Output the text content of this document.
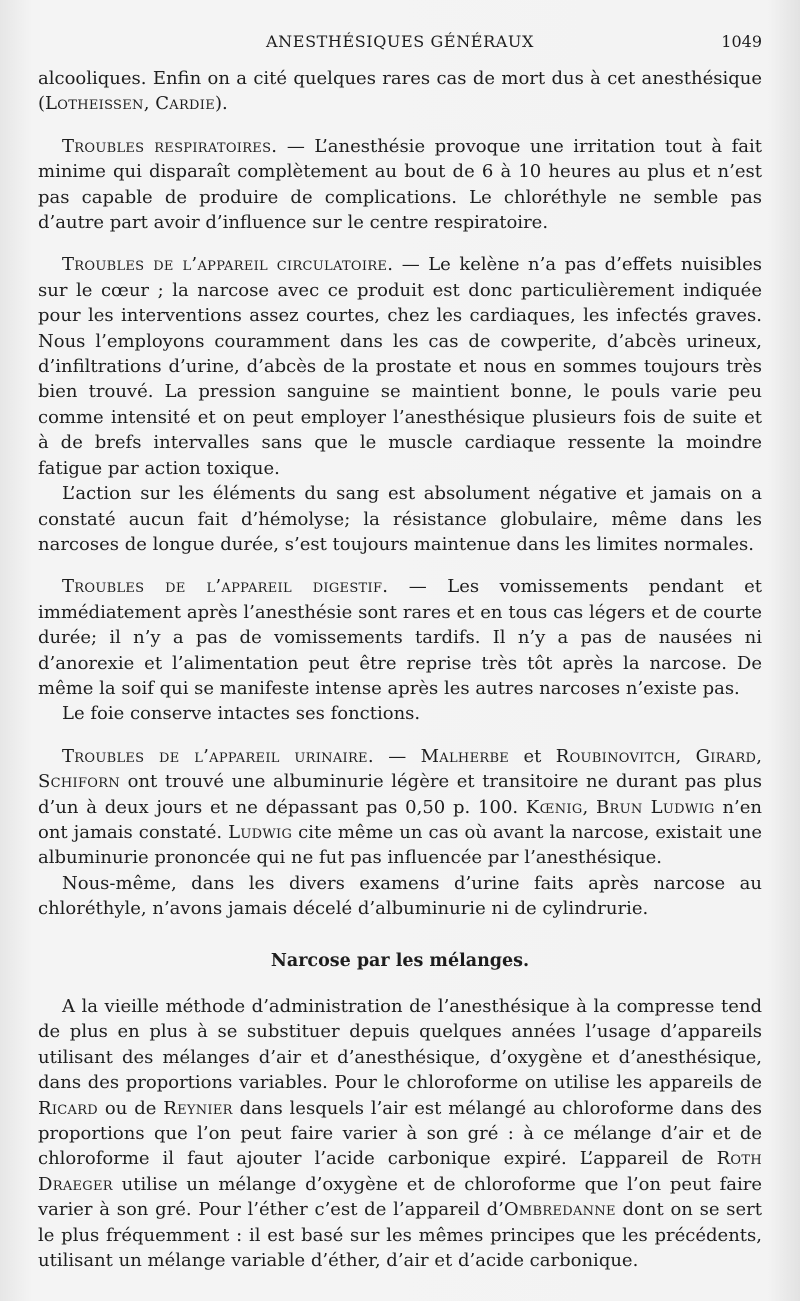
ANESTHÉSIQUES GÉNÉRAUX	1049

alcooliques. Enfin on a cité quelques rares cas de mort dus à cet anesthésique (Lotheissen, Cardie).

Troubles respiratoires. — L’anesthésie provoque une irritation tout à fait minime qui disparaît complètement au bout de 6 à 10 heures au plus et n’est pas capable de produire de complications. Le chloréthyle ne semble pas d’autre part avoir d’influence sur le centre respiratoire.

Troubles de l’appareil circulatoire. — Le kelène n’a pas d’effets nuisibles sur le cœur ; la narcose avec ce produit est donc particulièrement indiquée pour les interventions assez courtes, chez les cardiaques, les infectés graves. Nous l’employons couramment dans les cas de cowperite, d’abcès urineux, d’infiltrations d’urine, d’abcès de la prostate et nous en sommes toujours très bien trouvé. La pression sanguine se maintient bonne, le pouls varie peu comme intensité et on peut employer l’anesthésique plusieurs fois de suite et à de brefs intervalles sans que le muscle cardiaque ressente la moindre fatigue par action toxique.

L’action sur les éléments du sang est absolument négative et jamais on a constaté aucun fait d’hémolyse; la résistance globulaire, même dans les narcoses de longue durée, s’est toujours maintenue dans les limites normales.

Troubles de l’appareil digestif. — Les vomissements pendant et immédiatement après l’anesthésie sont rares et en tous cas légers et de courte durée; il n’y a pas de vomissements tardifs. Il n’y a pas de nausées ni d’anorexie et l’alimentation peut être reprise très tôt après la narcose. De même la soif qui se manifeste intense après les autres narcoses n’existe pas.

Le foie conserve intactes ses fonctions.

Troubles de l’appareil urinaire. — Malherbe et Roubinovitch, Girard, Schiforn ont trouvé une albuminurie légère et transitoire ne durant pas plus d’un à deux jours et ne dépassant pas 0,50 p. 100. Kœnig, Brun Ludwig n’en ont jamais constaté. Ludwig cite même un cas où avant la narcose, existait une albuminurie prononcée qui ne fut pas influencée par l’anesthésique.

Nous-même, dans les divers examens d’urine faits après narcose au chloréthyle, n’avons jamais décelé d’albuminurie ni de cylindrurie.

Narcose par les mélanges.

A la vieille méthode d’administration de l’anesthésique à la compresse tend de plus en plus à se substituer depuis quelques années l’usage d’appareils utilisant des mélanges d’air et d’anesthésique, d’oxygène et d’anesthésique, dans des proportions variables. Pour le chloroforme on utilise les appareils de Ricard ou de Reynier dans lesquels l’air est mélangé au chloroforme dans des proportions que l’on peut faire varier à son gré : à ce mélange d’air et de chloroforme il faut ajouter l’acide carbonique expiré. L’appareil de Roth Draeger utilise un mélange d’oxygène et de chloroforme que l’on peut faire varier à son gré. Pour l’éther c’est de l’appareil d’Ombredanne dont on se sert le plus fréquemment : il est basé sur les mêmes principes que les précédents, utilisant un mélange variable d’éther, d’air et d’acide carbonique.
